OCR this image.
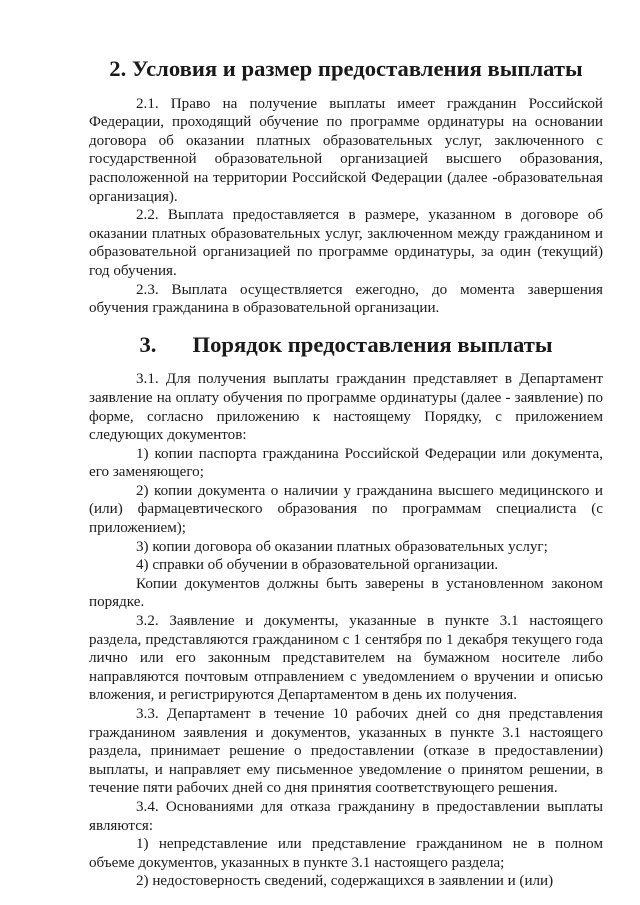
2. Условия и размер предоставления выплаты

2.1. Право на получение выплаты имеет гражданин Российской Федерации, проходящий обучение по программе ординатуры на основании договора об оказании платных образовательных услуг, заключенного с государственной образовательной организацией высшего образования, расположенной на территории Российской Федерации (далее -образовательная организация).

2.2. Выплата предоставляется в размере, указанном в договоре об оказании платных образовательных услуг, заключенном между гражданином и образовательной организацией по программе ординатуры, за один (текущий) год обучения.

2.3. Выплата осуществляется ежегодно, до момента завершения обучения гражданина в образовательной организации.

3. Порядок предоставления выплаты

3.1. Для получения выплаты гражданин представляет в Департамент заявление на оплату обучения по программе ординатуры (далее - заявление) по форме, согласно приложению к настоящему Порядку, с приложением следующих документов:

1) копии паспорта гражданина Российской Федерации или документа, его заменяющего;

2) копии документа о наличии у гражданина высшего медицинского и (или) фармацевтического образования по программам специалиста (с приложением);

3) копии договора об оказании платных образовательных услуг;

4) справки об обучении в образовательной организации.

Копии документов должны быть заверены в установленном законом порядке.

3.2. Заявление и документы, указанные в пункте 3.1 настоящего раздела, представляются гражданином с 1 сентября по 1 декабря текущего года лично или его законным представителем на бумажном носителе либо направляются почтовым отправлением с уведомлением о вручении и описью вложения, и регистрируются Департаментом в день их получения.

3.3. Департамент в течение 10 рабочих дней со дня представления гражданином заявления и документов, указанных в пункте 3.1 настоящего раздела, принимает решение о предоставлении (отказе в предоставлении) выплаты, и направляет ему письменное уведомление о принятом решении, в течение пяти рабочих дней со дня принятия соответствующего решения.

3.4. Основаниями для отказа гражданину в предоставлении выплаты являются:

1) непредставление или представление гражданином не в полном объеме документов, указанных в пункте 3.1 настоящего раздела;

2) недостоверность сведений, содержащихся в заявлении и (или)
